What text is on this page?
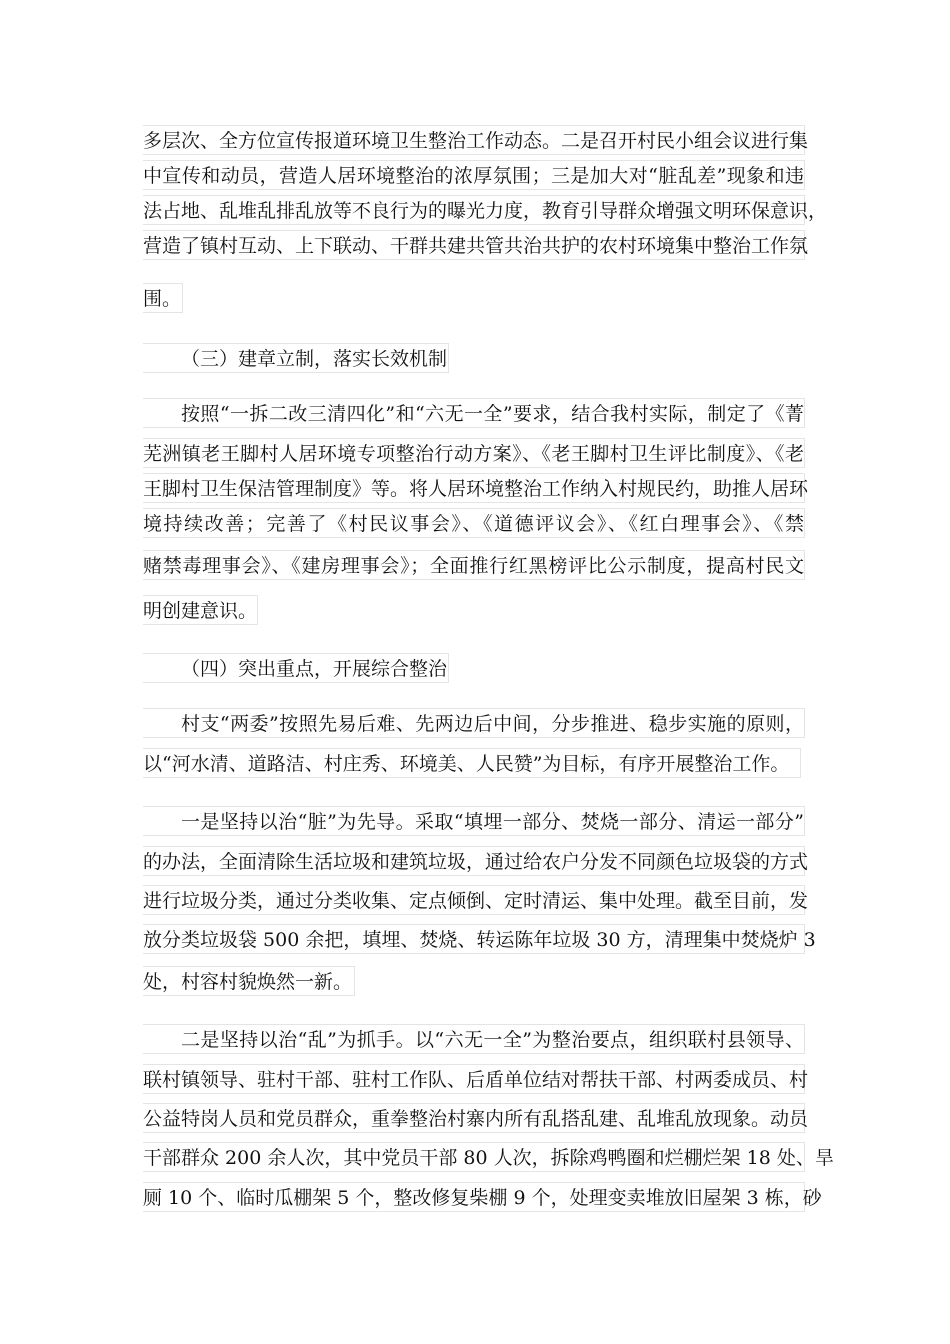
多层次、全方位宣传报道环境卫生整治工作动态。二是召开村民小组会议进行集
中宣传和动员，营造人居环境整治的浓厚氛围；三是加大对“脏乱差”现象和违
法占地、乱堆乱排乱放等不良行为的曝光力度，教育引导群众增强文明环保意识，
营造了镇村互动、上下联动、干群共建共管共治共护的农村环境集中整治工作氛
围。
（三）建章立制，落实长效机制
按照“一拆二改三清四化”和“六无一全”要求，结合我村实际，制定了《菁
芜洲镇老王脚村人居环境专项整治行动方案》、《老王脚村卫生评比制度》、《老
王脚村卫生保洁管理制度》等。将人居环境整治工作纳入村规民约，助推人居环
境持续改善；完善了《村民议事会》、《道德评议会》、《红白理事会》、《禁
赌禁毒理事会》、《建房理事会》；全面推行红黑榜评比公示制度，提高村民文
明创建意识。
（四）突出重点，开展综合整治
村支“两委”按照先易后难、先两边后中间，分步推进、稳步实施的原则，
以“河水清、道路洁、村庄秀、环境美、人民赞”为目标，有序开展整治工作。
一是坚持以治“脏”为先导。采取“填埋一部分、焚烧一部分、清运一部分”
的办法，全面清除生活垃圾和建筑垃圾，通过给农户分发不同颜色垃圾袋的方式
进行垃圾分类，通过分类收集、定点倾倒、定时清运、集中处理。截至目前，发
放分类垃圾袋 500 余把，填埋、焚烧、转运陈年垃圾 30 方，清理集中焚烧炉 3
处，村容村貌焕然一新。
二是坚持以治“乱”为抓手。以“六无一全”为整治要点，组织联村县领导、
联村镇领导、驻村干部、驻村工作队、后盾单位结对帮扶干部、村两委成员、村
公益特岗人员和党员群众，重拳整治村寨内所有乱搭乱建、乱堆乱放现象。动员
干部群众 200 余人次，其中党员干部 80 人次，拆除鸡鸭圈和烂棚烂架 18 处、旱
厕 10 个、临时瓜棚架 5 个，整改修复柴棚 9 个，处理变卖堆放旧屋架 3 栋，砂
